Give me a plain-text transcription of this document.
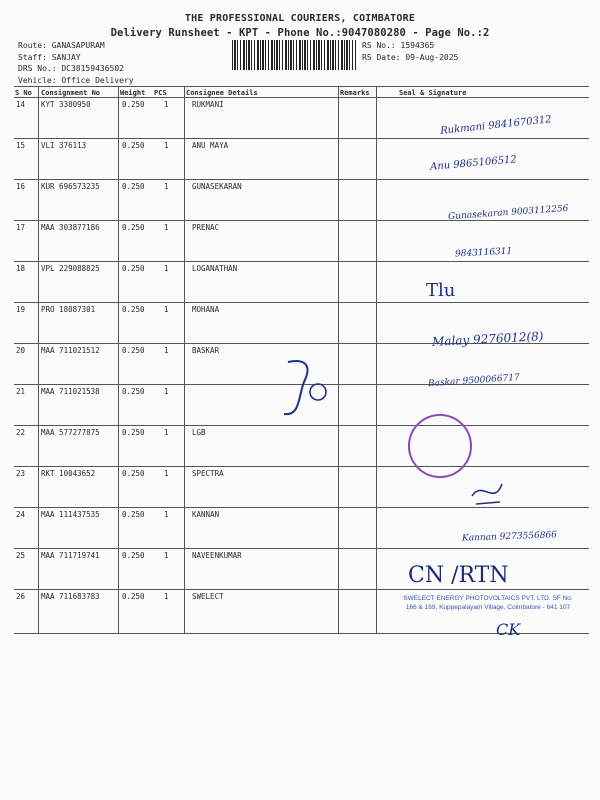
THE PROFESSIONAL COURIERS, COIMBATORE
Delivery Runsheet - KPT - Phone No.:9047080280 - Page No.:2
Route: GANASAPURAM
Staff: SANJAY
DRS No.: DC38159436502
Vehicle: Office Delivery
RS No.: 1594365
RS Date: 09-Aug-2025
S No Consignment No	Weight PCS	Consignee Details	Remarks	Seal & Signature
14 KYT 3380950	0.250	1	RUKMANI
15 VLI 376113	0.250	1	ANU MAYA
16 KUR 696573235	0.250	1	GUNASEKARAN
17 MAA 303877186	0.250	1	PRENAC
18 VPL 229088825	0.250	1	LOGANATHAN
19 PRO 18087301	0.250	1	MOHANA
20 MAA 711021512	0.250	1	BASKAR
21 MAA 711021538	0.250	1
22 MAA 577277875	0.250	1	LGB
23 RKT 10043652	0.250	1	SPECTRA
24 MAA 111437535	0.250	1	KANNAN
25 MAA 711719741	0.250	1	NAVEENKUMAR
26 MAA 711683783	0.250	1	SWELECT
Rukmani 9841670312
Anu 9865106512
Gunasekaran 9003112256
9843116311
Tlu
Malay 9276012(8)
Baskar 9500066717
Kannan 9273556866
CN /RTN
SWELECT ENERGY PHOTOVOLTAICS PVT. LTD. SF No. 166 & 169, Kuppepalayam Village, Coimbatore - 641 107
CK
